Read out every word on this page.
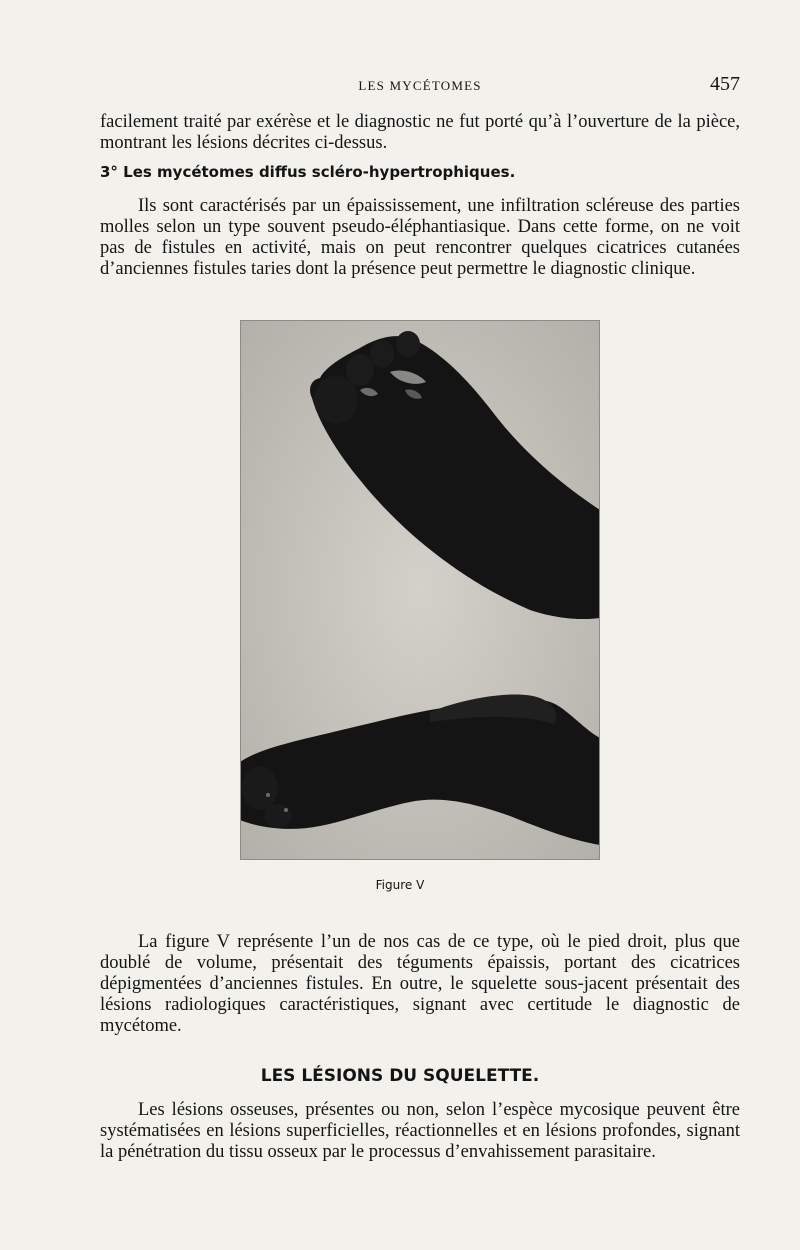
LES MYCÉTOMES	457

facilement traité par exérèse et le diagnostic ne fut porté qu’à l’ouverture de la pièce, montrant les lésions décrites ci-dessus.

3° Les mycétomes diffus scléro-hypertrophiques.

Ils sont caractérisés par un épaississement, une infiltration scléreuse des parties molles selon un type souvent pseudo-éléphantiasique. Dans cette forme, on ne voit pas de fistules en activité, mais on peut rencontrer quelques cicatrices cutanées d’anciennes fistules taries dont la présence peut permettre le diagnostic clinique.

Figure V

La figure V représente l’un de nos cas de ce type, où le pied droit, plus que doublé de volume, présentait des téguments épaissis, portant des cicatrices dépigmentées d’anciennes fistules. En outre, le squelette sous-jacent présentait des lésions radiologiques caractéristiques, signant avec certitude le diagnostic de mycétome.

LES LÉSIONS DU SQUELETTE.

Les lésions osseuses, présentes ou non, selon l’espèce mycosique peuvent être systématisées en lésions superficielles, réactionnelles et en lésions profondes, signant la pénétration du tissu osseux par le processus d’envahissement parasitaire.
